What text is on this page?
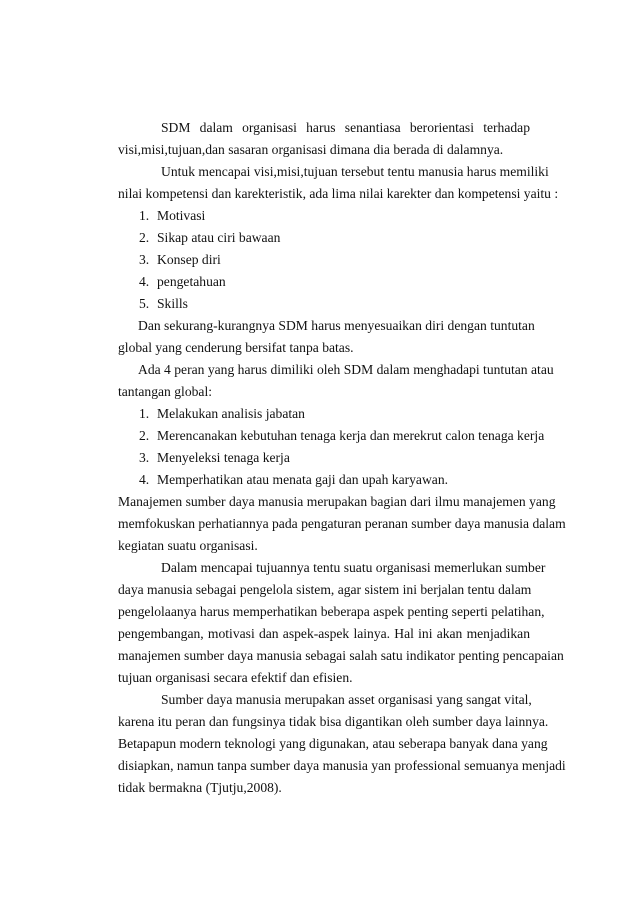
SDM dalam organisasi harus senantiasa berorientasi terhadap
visi,misi,tujuan,dan sasaran organisasi dimana dia berada di dalamnya.
Untuk mencapai visi,misi,tujuan tersebut tentu manusia harus memiliki
nilai kompetensi dan karekteristik, ada lima nilai karekter dan kompetensi yaitu :
1. Motivasi
2. Sikap atau ciri bawaan
3. Konsep diri
4. pengetahuan
5. Skills
Dan sekurang-kurangnya SDM harus menyesuaikan diri dengan tuntutan
global yang cenderung bersifat tanpa batas.
Ada 4 peran yang harus dimiliki oleh SDM dalam menghadapi tuntutan atau
tantangan global:
1. Melakukan analisis jabatan
2. Merencanakan kebutuhan tenaga kerja dan merekrut calon tenaga kerja
3. Menyeleksi tenaga kerja
4. Memperhatikan atau menata gaji dan upah karyawan.
Manajemen sumber daya manusia merupakan bagian dari ilmu manajemen yang
memfokuskan perhatiannya pada pengaturan peranan sumber daya manusia dalam
kegiatan suatu organisasi.
Dalam mencapai tujuannya tentu suatu organisasi memerlukan sumber
daya manusia sebagai pengelola sistem, agar sistem ini berjalan tentu dalam
pengelolaanya harus memperhatikan beberapa aspek penting seperti pelatihan,
pengembangan, motivasi dan aspek-aspek lainya. Hal ini akan menjadikan
manajemen sumber daya manusia sebagai salah satu indikator penting pencapaian
tujuan organisasi secara efektif dan efisien.
Sumber daya manusia merupakan asset organisasi yang sangat vital,
karena itu peran dan fungsinya tidak bisa digantikan oleh sumber daya lainnya.
Betapapun modern teknologi yang digunakan, atau seberapa banyak dana yang
disiapkan, namun tanpa sumber daya manusia yan professional semuanya menjadi
tidak bermakna (Tjutju,2008).
